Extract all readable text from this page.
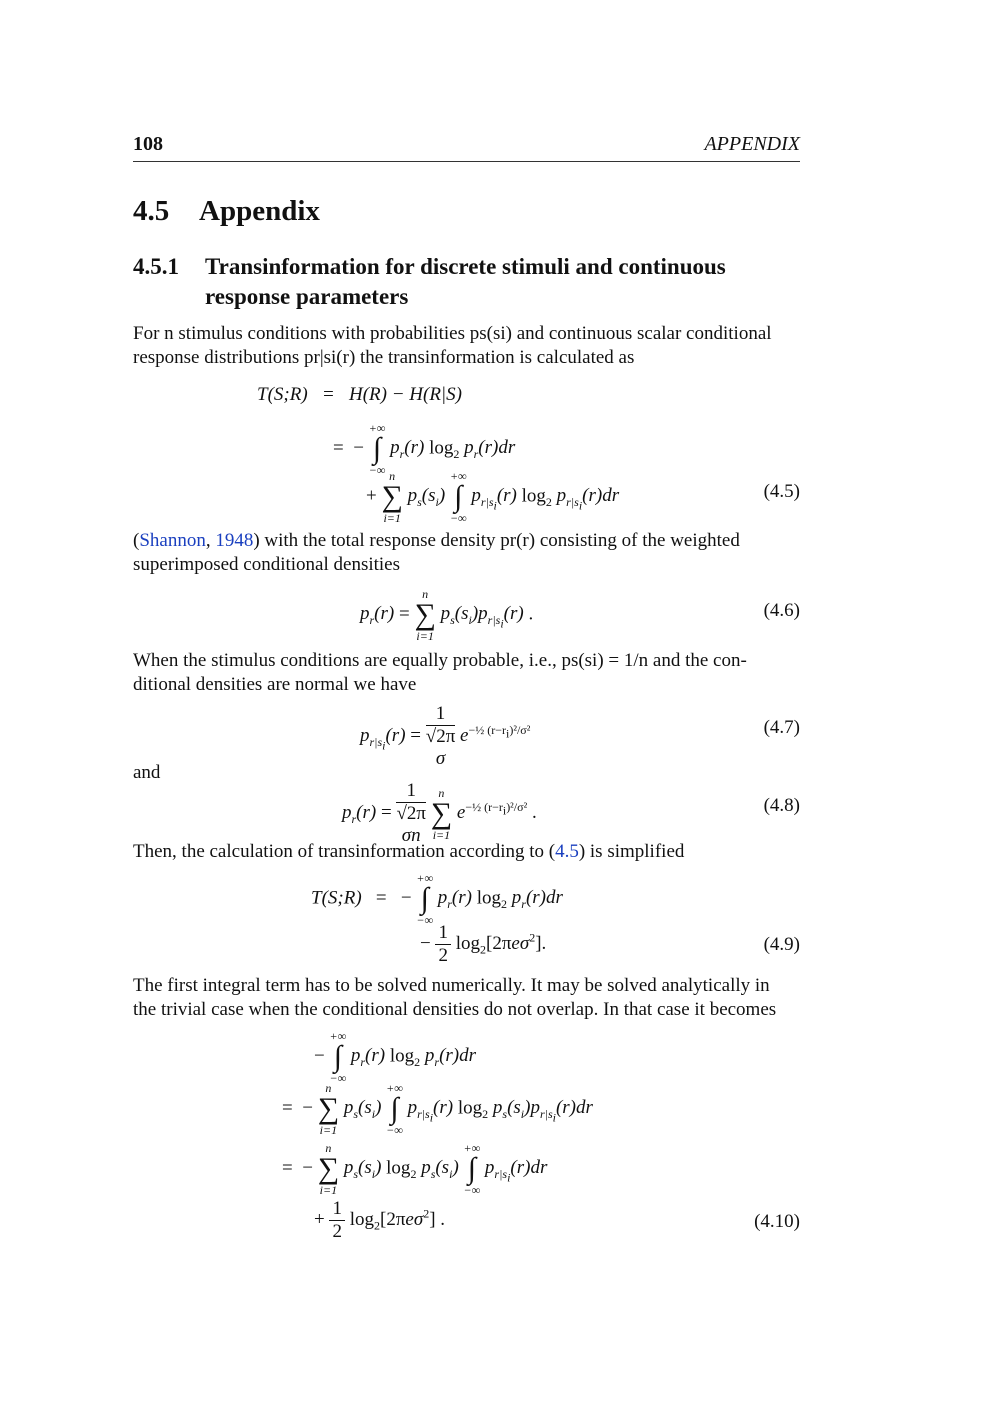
108	APPENDIX
4.5 Appendix
4.5.1 Transinformation for discrete stimuli and continuous response parameters
For n stimulus conditions with probabilities ps(si) and continuous scalar conditional
response distributions pr|si(r) the transinformation is calculated as
T(S;R)   =   H(R) − H(R|S)
=  −
+∞
∫
−∞
$p_r(r)$ $\log_2 p_r(r)dr$
+
n
∑
i=1
$p_s(s_i)$
+∞
∫
−∞
$p_{r|s_i}(r)$ $\log_2 p_{r|s_i}(r)dr$	(4.5)
(Shannon, 1948) with the total response density pr(r) consisting of the weighted
superimposed conditional densities
$p_r(r)$ =
n
∑
i=1
$p_s(s_i)p_{r|s_i}(r)$ .	(4.6)
When the stimulus conditions are equally probable, i.e., ps(si) = 1/n and the con-
ditional densities are normal we have
$p_{r|s_i}(r) = 1$
√2π
σ $e^{-\frac{1}{2} (r-r_i)^2/\sigma^2}$	(4.7)
and
$p_r(r) = 1$
√2π
σn
	n
∑
i=1
$e^{-\frac{1}{2} (r-r_i)^2/\sigma^2}$ .	(4.8)
Then, the calculation of transinformation according to (4.5) is simplified
T(S;R)   =   −
+∞
∫
−∞
$p_r(r)$ $\log_2 p_r(r)dr$
− $\frac{1}{2} \log_2[2\pi e\sigma^2]$.	(4.9)
The first integral term has to be solved numerically. It may be solved analytically in
the trivial case when the conditional densities do not overlap. In that case it becomes
−
+∞
∫
−∞
$p_r(r)$ $\log_2 p_r(r)dr$
=  −
n
∑
i=1
$p_s(s_i)$
+∞
∫
−∞
$p_{r|s_i}(r)$ $\log_2 p_s(s_i)p_{r|s_i}(r)dr$
=  −
n
∑
i=1
$p_s(s_i)$ $\log_2 p_s(s_i)$
+∞
∫
−∞
$p_{r|s_i}(r)dr$
+ $\frac{1}{2} \log_2[2\pi e\sigma^2]$ .	(4.10)
